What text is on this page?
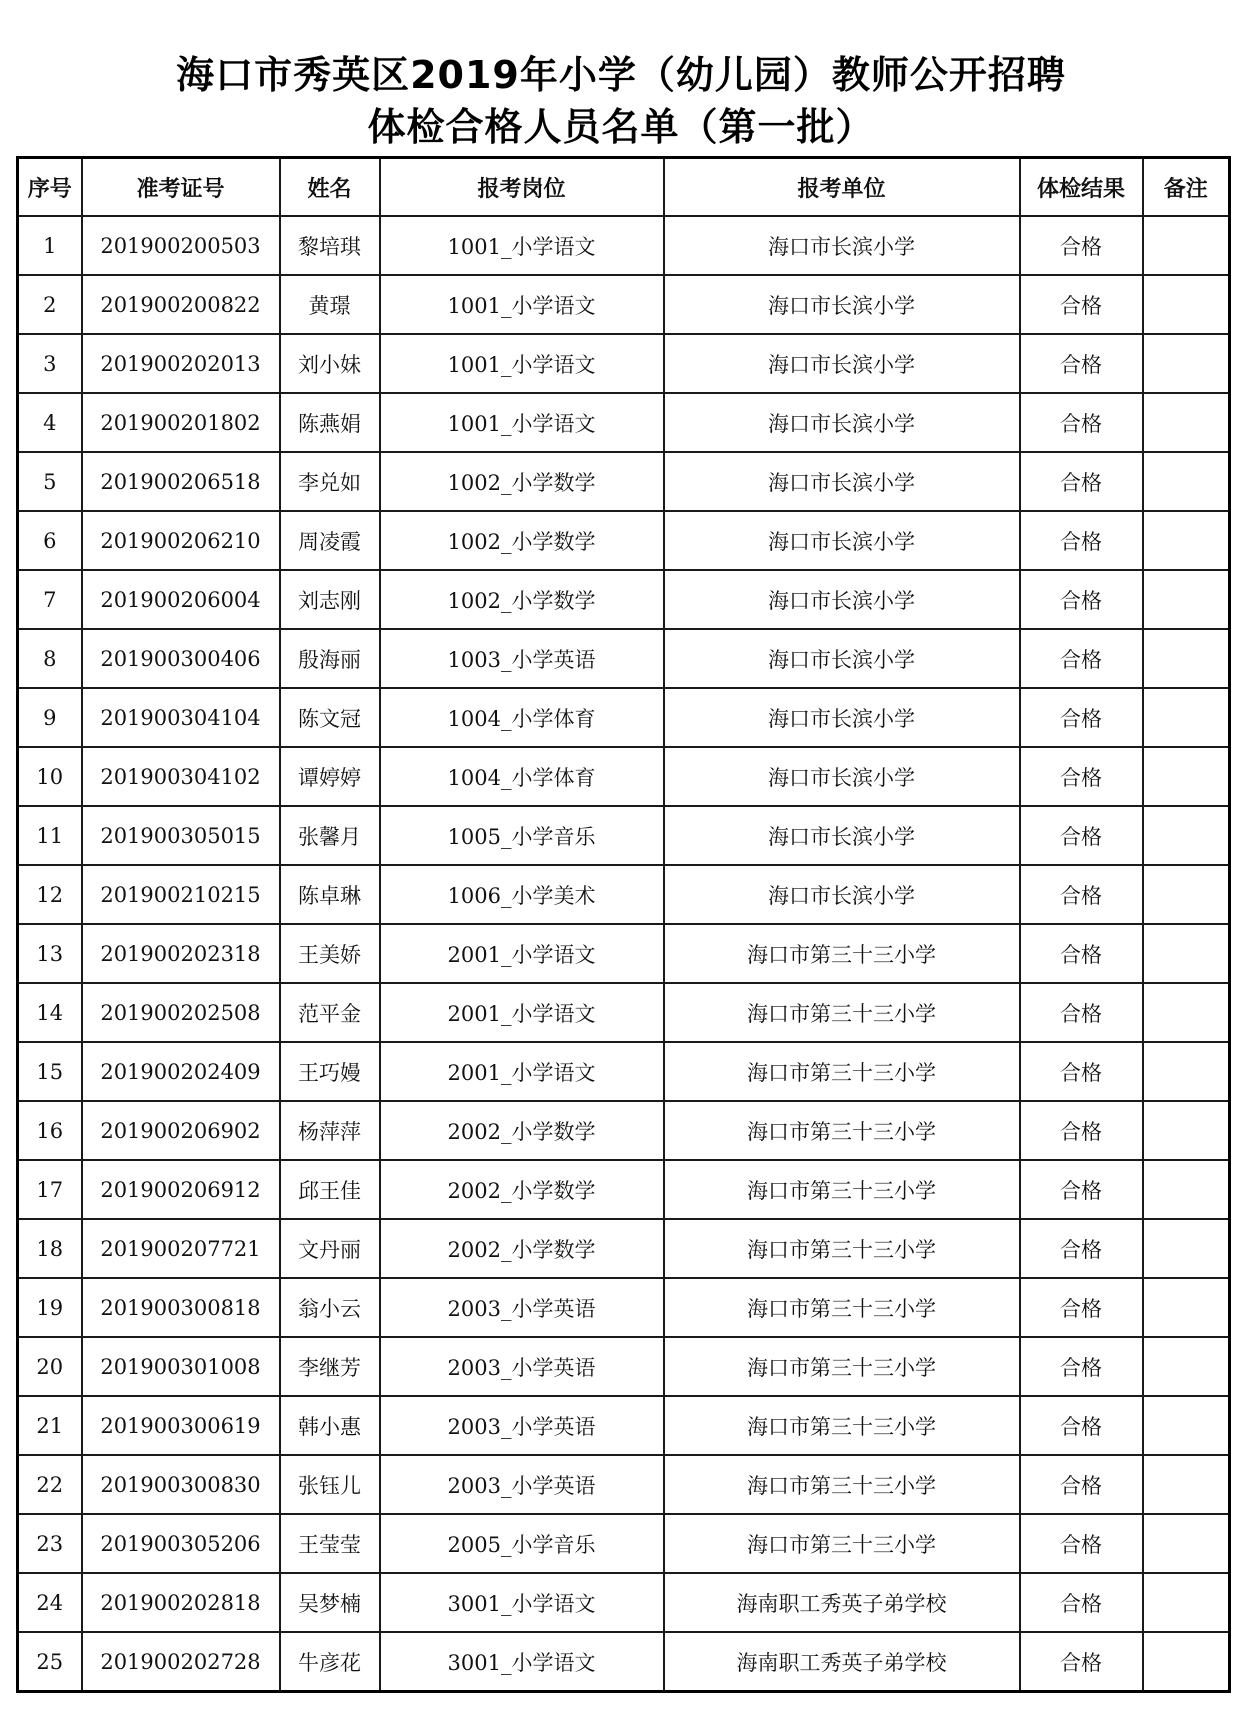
海口市秀英区2019年小学（幼儿园）教师公开招聘
体检合格人员名单（第一批）
序号	准考证号	姓名	报考岗位	报考单位	体检结果	备注
1	201900200503	黎培琪	1001_小学语文	海口市长滨小学	合格	
2	201900200822	黄璟	1001_小学语文	海口市长滨小学	合格	
3	201900202013	刘小妹	1001_小学语文	海口市长滨小学	合格	
4	201900201802	陈燕娟	1001_小学语文	海口市长滨小学	合格	
5	201900206518	李兑如	1002_小学数学	海口市长滨小学	合格	
6	201900206210	周凌霞	1002_小学数学	海口市长滨小学	合格	
7	201900206004	刘志刚	1002_小学数学	海口市长滨小学	合格	
8	201900300406	殷海丽	1003_小学英语	海口市长滨小学	合格	
9	201900304104	陈文冠	1004_小学体育	海口市长滨小学	合格	
10	201900304102	谭婷婷	1004_小学体育	海口市长滨小学	合格	
11	201900305015	张馨月	1005_小学音乐	海口市长滨小学	合格	
12	201900210215	陈卓琳	1006_小学美术	海口市长滨小学	合格	
13	201900202318	王美娇	2001_小学语文	海口市第三十三小学	合格	
14	201900202508	范平金	2001_小学语文	海口市第三十三小学	合格	
15	201900202409	王巧嫚	2001_小学语文	海口市第三十三小学	合格	
16	201900206902	杨萍萍	2002_小学数学	海口市第三十三小学	合格	
17	201900206912	邱王佳	2002_小学数学	海口市第三十三小学	合格	
18	201900207721	文丹丽	2002_小学数学	海口市第三十三小学	合格	
19	201900300818	翁小云	2003_小学英语	海口市第三十三小学	合格	
20	201900301008	李继芳	2003_小学英语	海口市第三十三小学	合格	
21	201900300619	韩小惠	2003_小学英语	海口市第三十三小学	合格	
22	201900300830	张钰儿	2003_小学英语	海口市第三十三小学	合格	
23	201900305206	王莹莹	2005_小学音乐	海口市第三十三小学	合格	
24	201900202818	吴梦楠	3001_小学语文	海南职工秀英子弟学校	合格	
25	201900202728	牛彦花	3001_小学语文	海南职工秀英子弟学校	合格	
